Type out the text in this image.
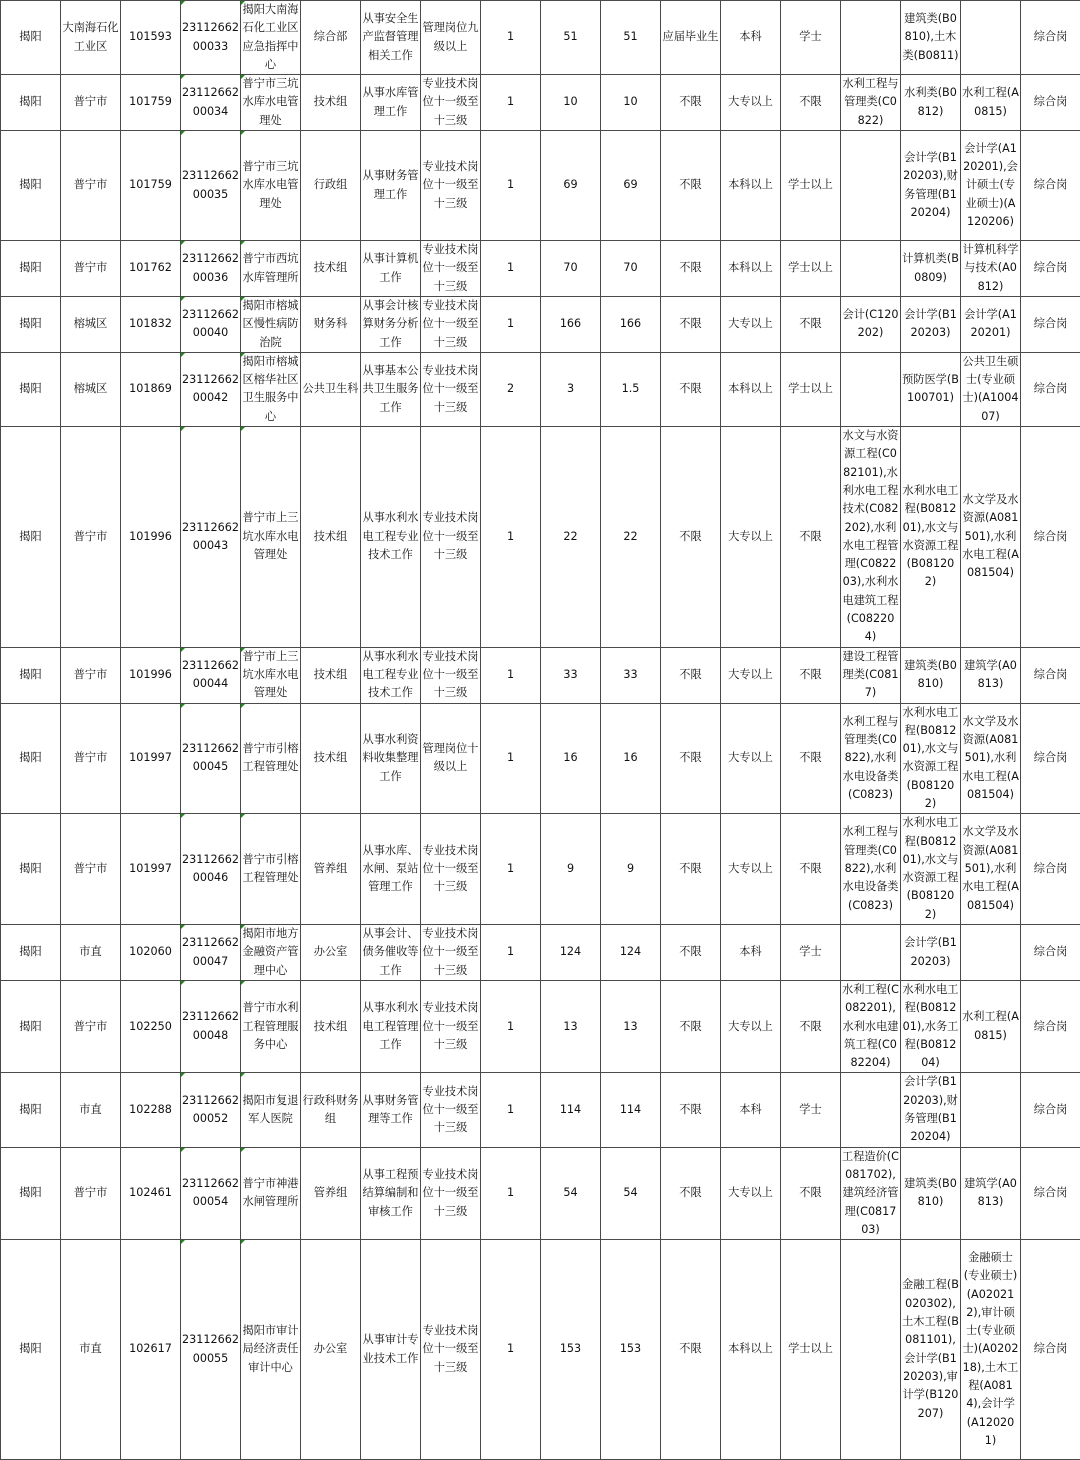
揭阳	大南海石化工业区	101593	2311266200033	揭阳大南海石化工业区应急指挥中心	综合部	从事安全生产监督管理相关工作	管理岗位九级以上	1	51	51	应届毕业生	本科	学士		建筑类(B0810),土木类(B0811)		综合岗
揭阳	普宁市	101759	2311266200034	普宁市三坑水库水电管理处	技术组	从事水库管理工作	专业技术岗位十一级至十三级	1	10	10	不限	大专以上	不限	水利工程与管理类(C0822)	水利类(B0812)	水利工程(A0815)	综合岗
揭阳	普宁市	101759	2311266200035	普宁市三坑水库水电管理处	行政组	从事财务管理工作	专业技术岗位十一级至十三级	1	69	69	不限	本科以上	学士以上		会计学(B120203),财务管理(B120204)	会计学(A120201),会计硕士(专业硕士)(A120206)	综合岗
揭阳	普宁市	101762	2311266200036	普宁市西坑水库管理所	技术组	从事计算机工作	专业技术岗位十一级至十三级	1	70	70	不限	本科以上	学士以上		计算机类(B0809)	计算机科学与技术(A0812)	综合岗
揭阳	榕城区	101832	2311266200040	揭阳市榕城区慢性病防治院	财务科	从事会计核算财务分析工作	专业技术岗位十一级至十三级	1	166	166	不限	大专以上	不限	会计(C120202)	会计学(B120203)	会计学(A120201)	综合岗
揭阳	榕城区	101869	2311266200042	揭阳市榕城区榕华社区卫生服务中心	公共卫生科	从事基本公共卫生服务工作	专业技术岗位十一级至十三级	2	3	1.5	不限	本科以上	学士以上		预防医学(B100701)	公共卫生硕士(专业硕士)(A100407)	综合岗
揭阳	普宁市	101996	2311266200043	普宁市上三坑水库水电管理处	技术组	从事水利水电工程专业技术工作	专业技术岗位十一级至十三级	1	22	22	不限	大专以上	不限	水文与水资源工程(C082101),水利水电工程技术(C082202),水利水电工程管理(C082203),水利水电建筑工程(C082204)	水利水电工程(B081201),水文与水资源工程(B081202)	水文学及水资源(A081501),水利水电工程(A081504)	综合岗
揭阳	普宁市	101996	2311266200044	普宁市上三坑水库水电管理处	技术组	从事水利水电工程专业技术工作	专业技术岗位十一级至十三级	1	33	33	不限	大专以上	不限	建设工程管理类(C0817)	建筑类(B0810)	建筑学(A0813)	综合岗
揭阳	普宁市	101997	2311266200045	普宁市引榕工程管理处	技术组	从事水利资料收集整理工作	管理岗位十级以上	1	16	16	不限	大专以上	不限	水利工程与管理类(C0822),水利水电设备类(C0823)	水利水电工程(B081201),水文与水资源工程(B081202)	水文学及水资源(A081501),水利水电工程(A081504)	综合岗
揭阳	普宁市	101997	2311266200046	普宁市引榕工程管理处	管养组	从事水库、水闸、泵站管理工作	专业技术岗位十一级至十三级	1	9	9	不限	大专以上	不限	水利工程与管理类(C0822),水利水电设备类(C0823)	水利水电工程(B081201),水文与水资源工程(B081202)	水文学及水资源(A081501),水利水电工程(A081504)	综合岗
揭阳	市直	102060	2311266200047	揭阳市地方金融资产管理中心	办公室	从事会计、债务催收等工作	专业技术岗位十一级至十三级	1	124	124	不限	本科	学士		会计学(B120203)		综合岗
揭阳	普宁市	102250	2311266200048	普宁市水利工程管理服务中心	技术组	从事水利水电工程管理工作	专业技术岗位十一级至十三级	1	13	13	不限	大专以上	不限	水利工程(C082201),水利水电建筑工程(C082204)	水利水电工程(B081201),水务工程(B081204)	水利工程(A0815)	综合岗
揭阳	市直	102288	2311266200052	揭阳市复退军人医院	行政科财务组	从事财务管理等工作	专业技术岗位十一级至十三级	1	114	114	不限	本科	学士		会计学(B120203),财务管理(B120204)		综合岗
揭阳	普宁市	102461	2311266200054	普宁市神港水闸管理所	管养组	从事工程预结算编制和审核工作	专业技术岗位十一级至十三级	1	54	54	不限	大专以上	不限	工程造价(C081702),建筑经济管理(C081703)	建筑类(B0810)	建筑学(A0813)	综合岗
揭阳	市直	102617	2311266200055	揭阳市审计局经济责任审计中心	办公室	从事审计专业技术工作	专业技术岗位十一级至十三级	1	153	153	不限	本科以上	学士以上		金融工程(B020302),土木工程(B081101),会计学(B120203),审计学(B120207)	金融硕士(专业硕士)(A020212),审计硕士(专业硕士)(A020218),土木工程(A0814),会计学(A120201)	综合岗
